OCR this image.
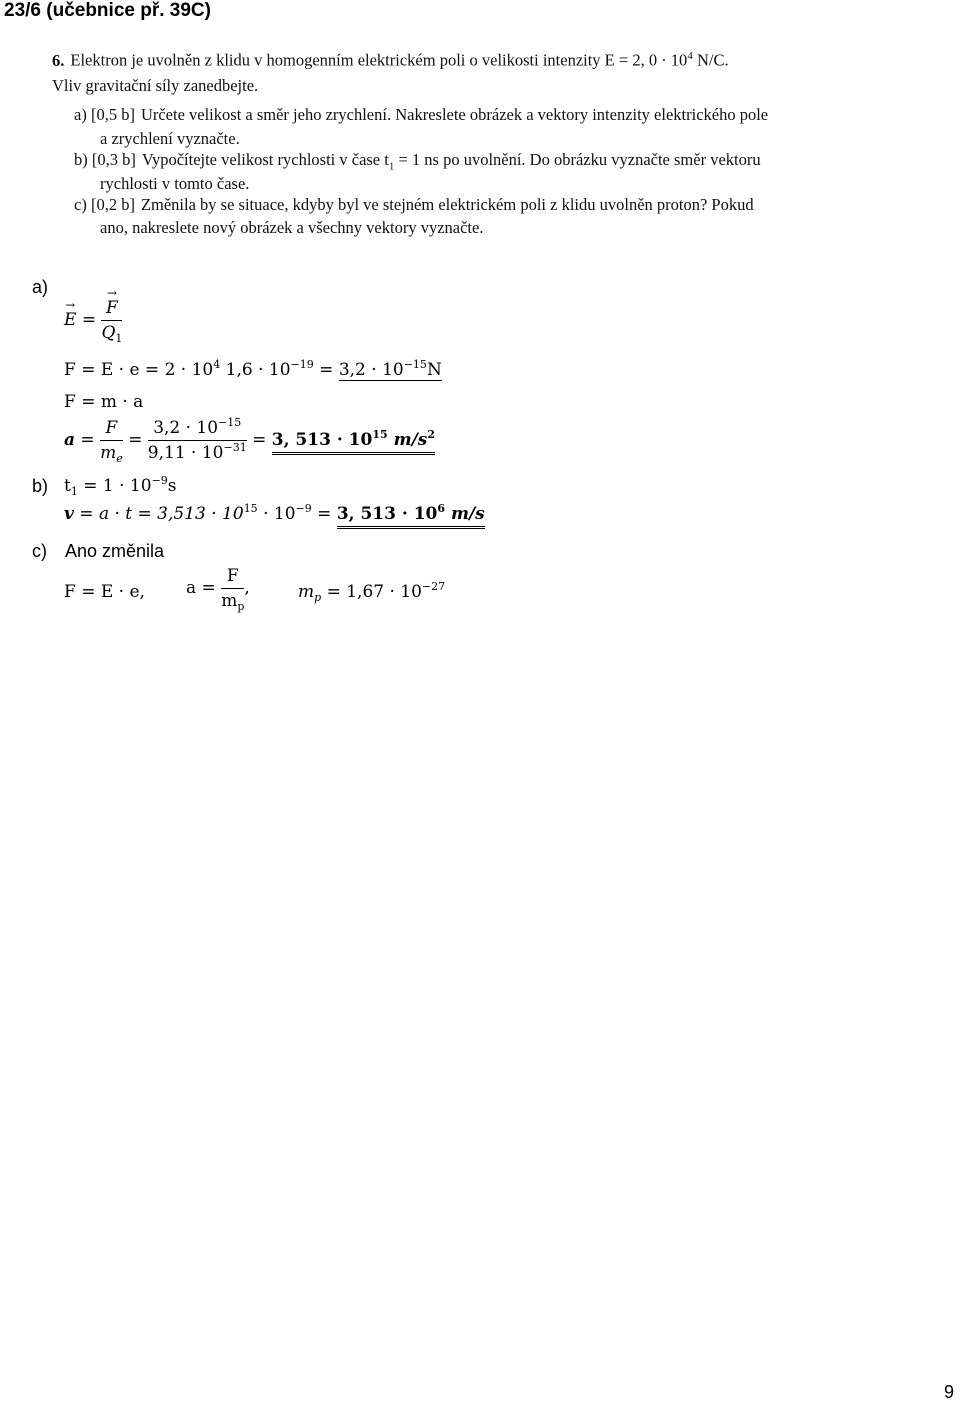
23/6 (učebnice př. 39C)
6. Elektron je uvolněn z klidu v homogenním elektrickém poli o velikosti intenzity E = 2, $0 \cdot 10^4$ N/C.
Vliv gravitační síly zanedbejte.
a) [0,5 b] Určete velikost a směr jeho zrychlení. Nakreslete obrázek a vektory intenzity elektrického pole
a zrychlení vyznačte.
b) [0,3 b] Vypočítejte velikost rychlosti v čase $t_1 = 1$ ns po uvolnění. Do obrázku vyznačte směr vektoru
rychlosti v tomto čase.
c) [0,2 b] Změnila by se situace, kdyby byl ve stejném elektrickém poli z klidu uvolněn proton? Pokud
ano, nakreslete nový obrázek a všechny vektory vyznačte.
a)
b)
c) Ano změnila
→ E =
→ $\frac{F}{Q_1}$
$F = E \cdot e = 2 \cdot 10^4$ $1,6 \cdot 10^{-19} = 3,2 \cdot 10^{-15}N$
F = m · a
$a = \frac{F}{m_e} = \frac{3,2 \cdot 10^{-15}}{9,11 \cdot 10^{-31}} = 3$, $513 \cdot 10^{15}$ $m/s^2$
$t_1 = 1 \cdot 10^{-9}s$
$v = a \cdot t = 3,513 \cdot 10^{15} \cdot 10^{-9} = 3$, $513 \cdot 10^6$ m/s
F = E · e, $a = \frac{F}{m_p}$ ,	$m_p = 1,67 \cdot 10^{-27}$
9
